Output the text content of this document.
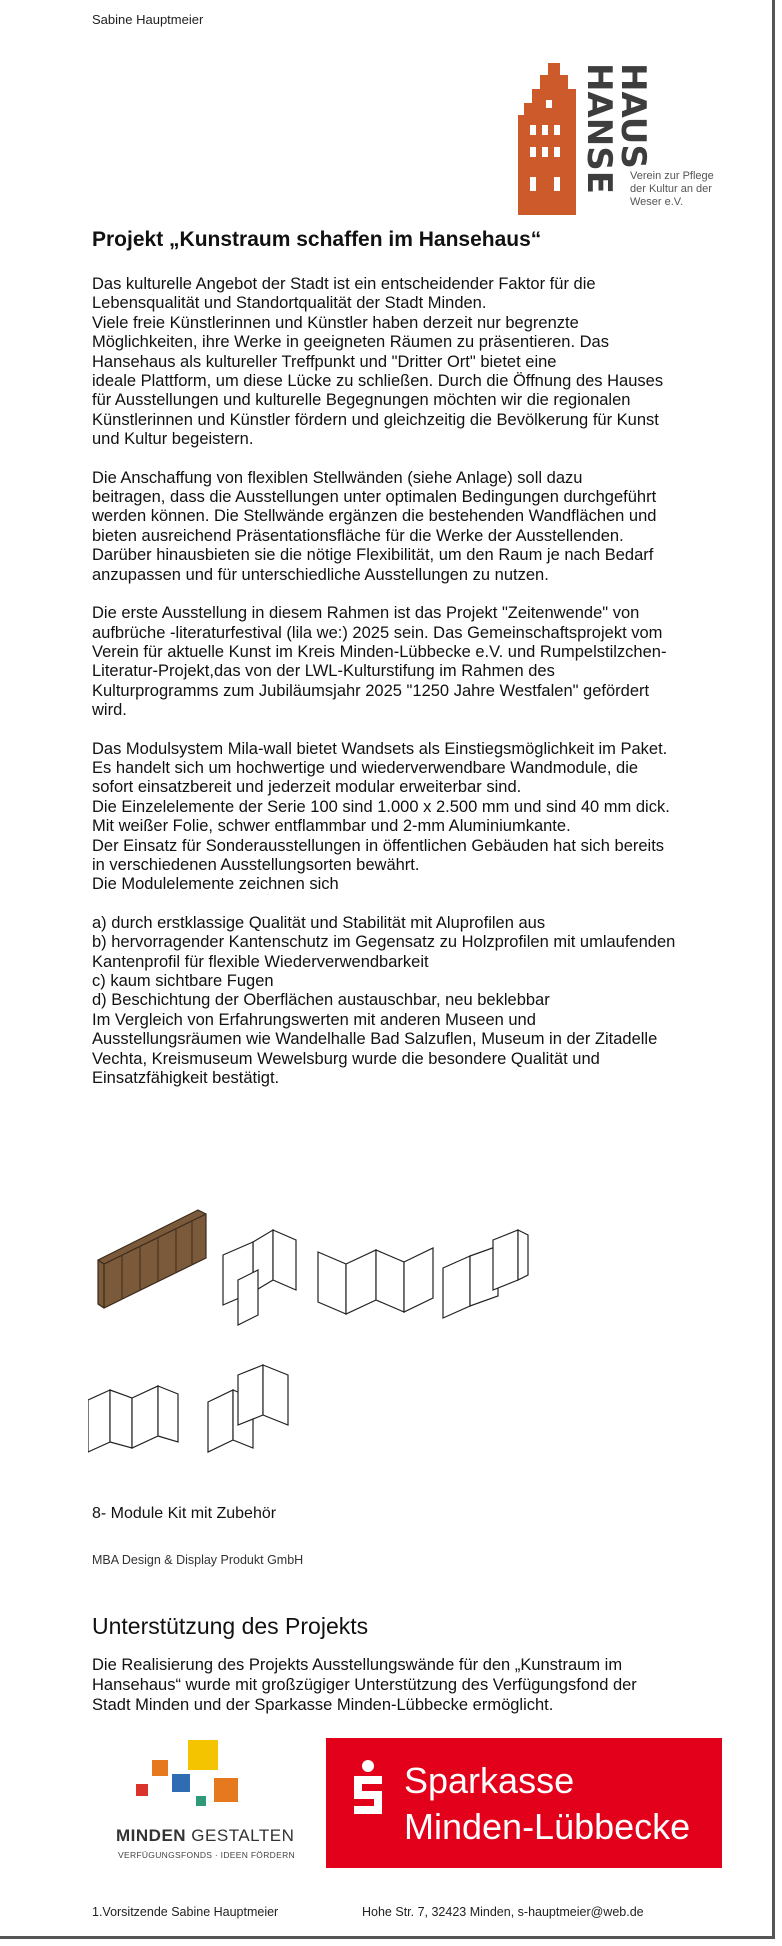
Sabine Hauptmeier
HANSE
HAUS
Verein zur Pflege
der Kultur an der
Weser e.V.
Projekt „Kunstraum schaffen im Hansehaus“

Das kulturelle Angebot der Stadt ist ein entscheidender Faktor für die
Lebensqualität und Standortqualität der Stadt Minden.
Viele freie Künstlerinnen und Künstler haben derzeit nur begrenzte
Möglichkeiten, ihre Werke in geeigneten Räumen zu präsentieren. Das
Hansehaus als kultureller Treffpunkt und "Dritter Ort" bietet eine
ideale Plattform, um diese Lücke zu schließen. Durch die Öffnung des Hauses
für Ausstellungen und kulturelle Begegnungen möchten wir die regionalen
Künstlerinnen und Künstler fördern und gleichzeitig die Bevölkerung für Kunst
und Kultur begeistern.

Die Anschaffung von flexiblen Stellwänden (siehe Anlage) soll dazu
beitragen, dass die Ausstellungen unter optimalen Bedingungen durchgeführt
werden können. Die Stellwände ergänzen die bestehenden Wandflächen und
bieten ausreichend Präsentationsfläche für die Werke der Ausstellenden.
Darüber hinausbieten sie die nötige Flexibilität, um den Raum je nach Bedarf
anzupassen und für unterschiedliche Ausstellungen zu nutzen.

Die erste Ausstellung in diesem Rahmen ist das Projekt "Zeitenwende" von
aufbrüche -literaturfestival (lila we:) 2025 sein. Das Gemeinschaftsprojekt vom
Verein für aktuelle Kunst im Kreis Minden-Lübbecke e.V. und Rumpelstilzchen-
Literatur-Projekt,das von der LWL-Kulturstifung im Rahmen des
Kulturprogramms zum Jubiläumsjahr 2025 "1250 Jahre Westfalen" gefördert
wird.

Das Modulsystem Mila-wall bietet Wandsets als Einstiegsmöglichkeit im Paket.
Es handelt sich um hochwertige und wiederverwendbare Wandmodule, die
sofort einsatzbereit und jederzeit modular erweiterbar sind.
Die Einzelelemente der Serie 100 sind 1.000 x 2.500 mm und sind 40 mm dick.
Mit weißer Folie, schwer entflammbar und 2-mm Aluminiumkante.
Der Einsatz für Sonderausstellungen in öffentlichen Gebäuden hat sich bereits
in verschiedenen Ausstellungsorten bewährt.
Die Modulelemente zeichnen sich

a) durch erstklassige Qualität und Stabilität mit Aluprofilen aus
b) hervorragender Kantenschutz im Gegensatz zu Holzprofilen mit umlaufenden
Kantenprofil für flexible Wiederverwendbarkeit
c) kaum sichtbare Fugen
d) Beschichtung der Oberflächen austauschbar, neu beklebbar
Im Vergleich von Erfahrungswerten mit anderen Museen und
Ausstellungsräumen wie Wandelhalle Bad Salzuflen, Museum in der Zitadelle
Vechta, Kreismuseum Wewelsburg wurde die besondere Qualität und
Einsatzfähigkeit bestätigt.

8- Module Kit mit Zubehör
MBA Design & Display Produkt GmbH
Unterstützung des Projekts
Die Realisierung des Projekts Ausstellungswände für den „Kunstraum im
Hansehaus“ wurde mit großzügiger Unterstützung des Verfügungsfond der
Stadt Minden und der Sparkasse Minden-Lübbecke ermöglicht.
MINDEN GESTALTEN
VERFÜGUNGSFONDS · IDEEN FÖRDERN
Sparkasse
Minden-Lübbecke
1.Vorsitzende Sabine Hauptmeier	Hohe Str. 7, 32423 Minden, s-hauptmeier@web.de
